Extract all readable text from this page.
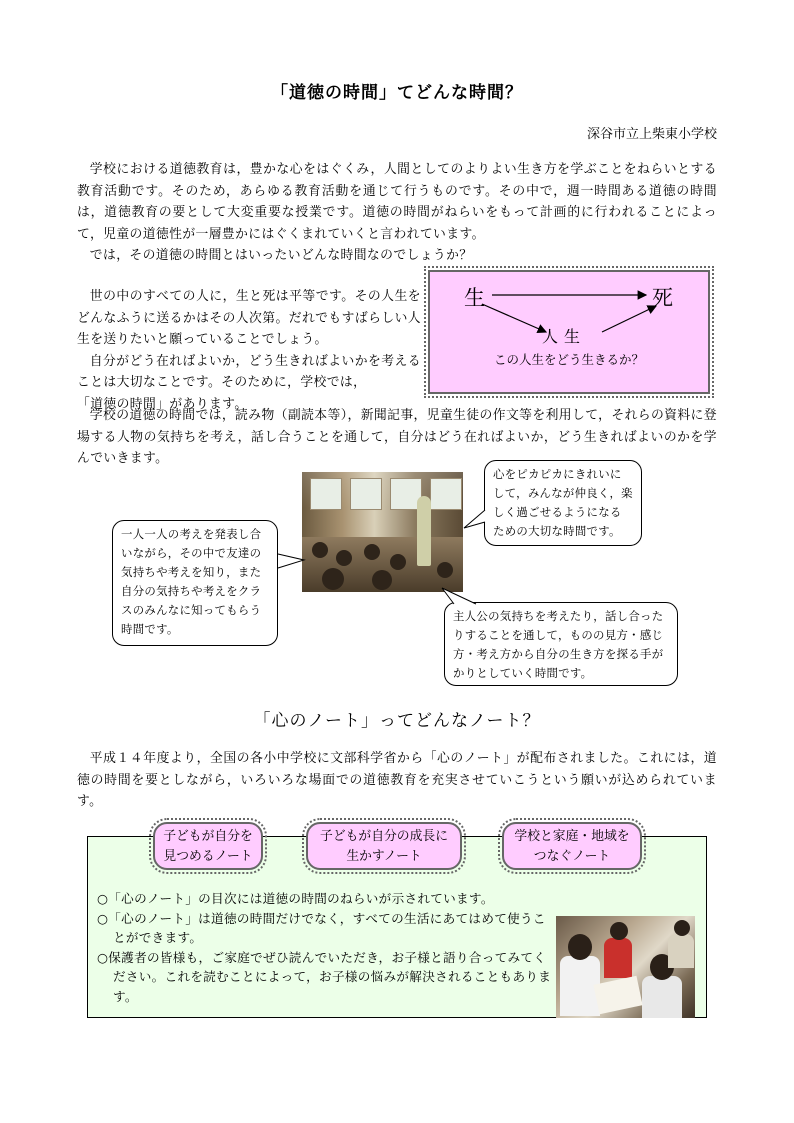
「道徳の時間」てどんな時間？
深谷市立上柴東小学校

学校における道徳教育は，豊かな心をはぐくみ，人間としてのよりよい生き方を学ぶことをねらいとする教育活動です。そのため，あらゆる教育活動を通じて行うものです。その中で，週一時間ある道徳の時間は，道徳教育の要として大変重要な授業です。道徳の時間がねらいをもって計画的に行われることによって，児童の道徳性が一層豊かにはぐくまれていくと言われています。

では，その道徳の時間とはいったいどんな時間なのでしょうか？

生	死
人生
この人生をどう生きるか？

世の中のすべての人に，生と死は平等です。その人生をどんなふうに送るかはその人次第。だれでもすばらしい人生を送りたいと願っていることでしょう。

自分がどう在ればよいか，どう生きればよいかを考えることは大切なことです。そのために，学校では，

「道徳の時間」があります。

学校の道徳の時間では，読み物（副読本等），新聞記事，児童生徒の作文等を利用して，それらの資料に登場する人物の気持ちを考え，話し合うことを通して，自分はどう在ればよいか，どう生きればよいのかを学んでいきます。

心をピカピカにきれいにして，みんなが仲良く，楽しく過ごせるようになるための大切な時間です。
一人一人の考えを発表し合いながら，その中で友達の気持ちや考えを知り，また自分の気持ちや考えをクラスのみんなに知ってもらう時間です。
主人公の気持ちを考えたり，話し合ったりすることを通して，ものの見方・感じ方・考え方から自分の生き方を探る手がかりとしていく時間です。
「心のノート」ってどんなノート？

平成１４年度より，全国の各小中学校に文部科学省から「心のノート」が配布されました。これには，道徳の時間を要としながら，いろいろな場面での道徳教育を充実させていこうという願いが込められています。

子どもが自分を
見つめるノート
子どもが自分の成長に
生かすノート
学校と家庭・地域を
つなぐノート
○「心のノート」の目次には道徳の時間のねらいが示されています。
○「心のノート」は道徳の時間だけでなく，すべての生活にあてはめて使うことができます。
○保護者の皆様も，ご家庭でぜひ読んでいただき，お子様と語り合ってみてください。これを読むことによって，お子様の悩みが解決されることもあります。
